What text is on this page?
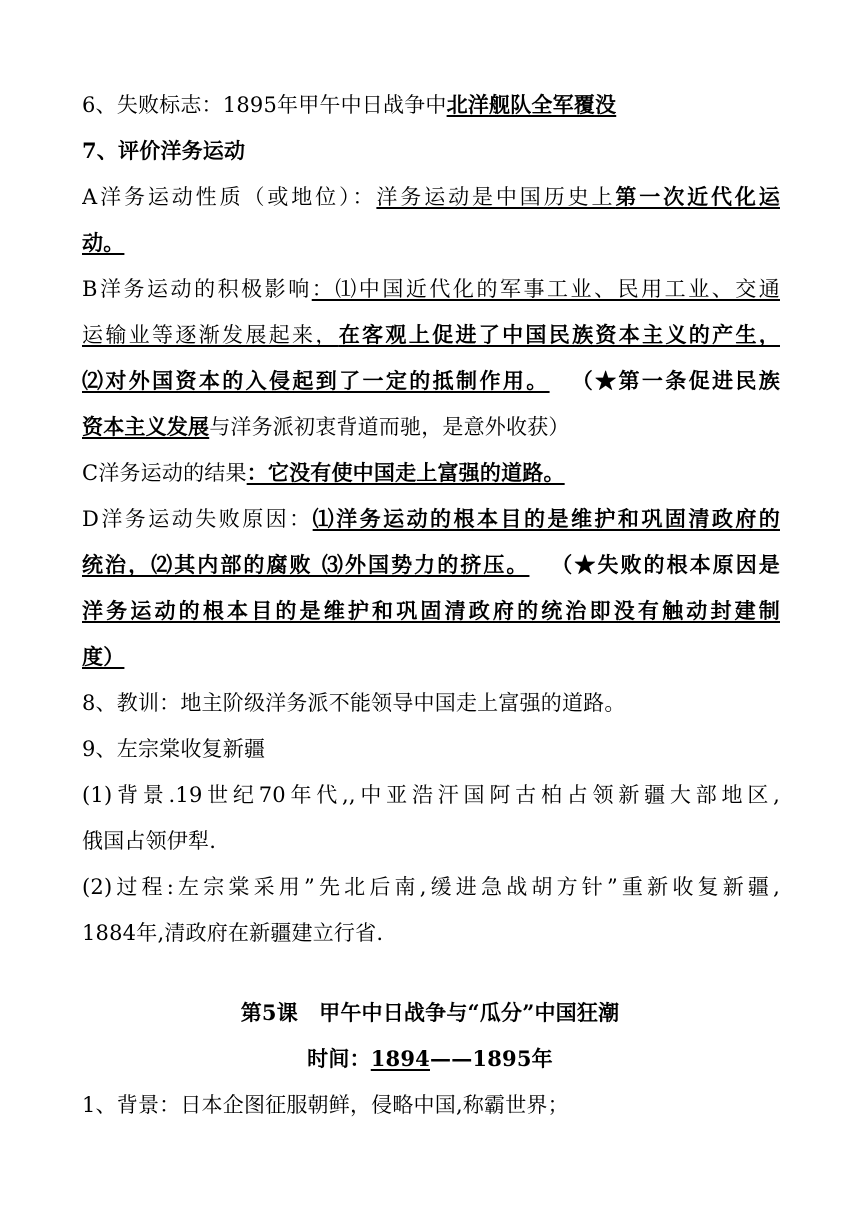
6、失败标志：1895年甲午中日战争中北洋舰队全军覆没
7、评价洋务运动
A洋务运动性质（或地位）：洋务运动是中国历史上第一次近代化运
动。
B洋务运动的积极影响：⑴中国近代化的军事工业、民用工业、交通
运输业等逐渐发展起来，在客观上促进了中国民族资本主义的产生，
⑵对外国资本的入侵起到了一定的抵制作用。 （★第一条促进民族
资本主义发展与洋务派初衷背道而驰，是意外收获）
C洋务运动的结果：它没有使中国走上富强的道路。
D洋务运动失败原因：⑴洋务运动的根本目的是维护和巩固清政府的
统治，⑵其内部的腐败 ⑶外国势力的挤压。 （★失败的根本原因是
洋务运动的根本目的是维护和巩固清政府的统治即没有触动封建制
度）
8、教训：地主阶级洋务派不能领导中国走上富强的道路。
9、左宗棠收复新疆
(1)背景.19世纪70年代,,中亚浩汗国阿古柏占领新疆大部地区,
俄国占领伊犁.
(2)过程:左宗棠采用”先北后南,缓进急战胡方针”重新收复新疆,
1884年,清政府在新疆建立行省.
第5课　甲午中日战争与“瓜分”中国狂潮
时间：1894——1895年
1、背景：日本企图征服朝鲜，侵略中国,称霸世界；
